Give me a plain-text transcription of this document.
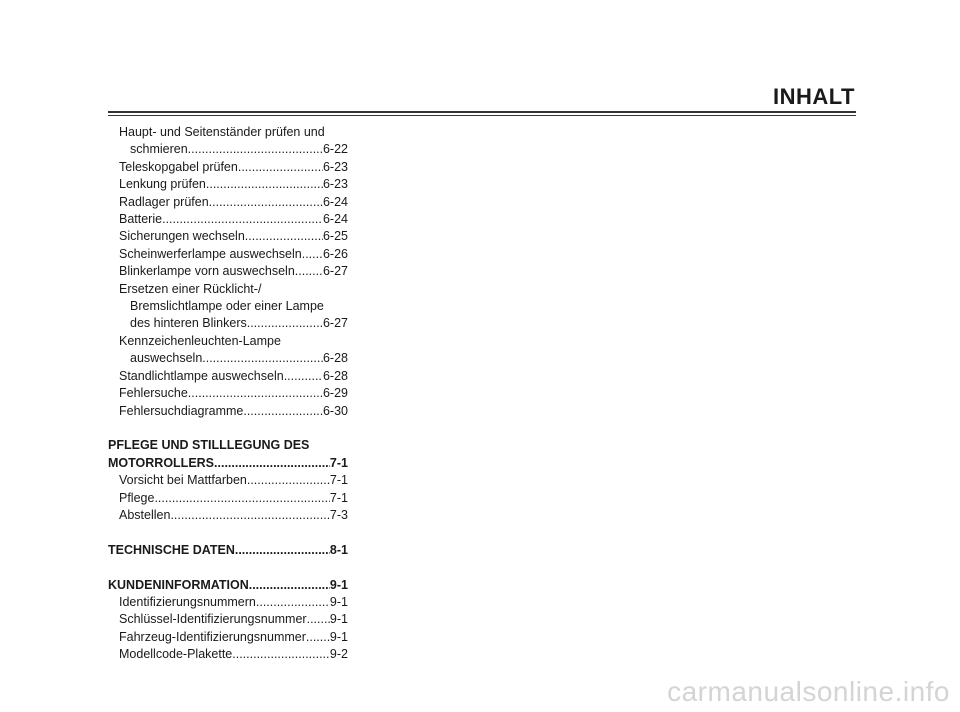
INHALT
Haupt- und Seitenständer prüfen und
schmieren .....	6-22
Teleskopgabel prüfen .....	6-23
Lenkung prüfen .....	6-23
Radlager prüfen .....	6-24
Batterie .....	6-24
Sicherungen wechseln .....	6-25
Scheinwerferlampe auswechseln ..... 6-26
Blinkerlampe vorn auswechseln ..... 6-27
Ersetzen einer Rücklicht-/
Bremslichtlampe oder einer Lampe
des hinteren Blinkers .....	6-27
Kennzeichenleuchten-Lampe
auswechseln .....	6-28
Standlichtlampe auswechseln .....	6-28
Fehlersuche .....	6-29
Fehlersuchdiagramme .....	6-30
PFLEGE UND STILLLEGUNG DES
MOTORROLLERS .....	7-1
Vorsicht bei Mattfarben .....	7-1
Pflege .....	7-1
Abstellen .....	7-3
TECHNISCHE DATEN .....	8-1
KUNDENINFORMATION .....	9-1
Identifizierungsnummern .....	9-1
Schlüssel-Identifizierungsnummer ..... 9-1
Fahrzeug-Identifizierungsnummer ..... 9-1
Modellcode-Plakette .....	9-2
carmanualsonline.info
